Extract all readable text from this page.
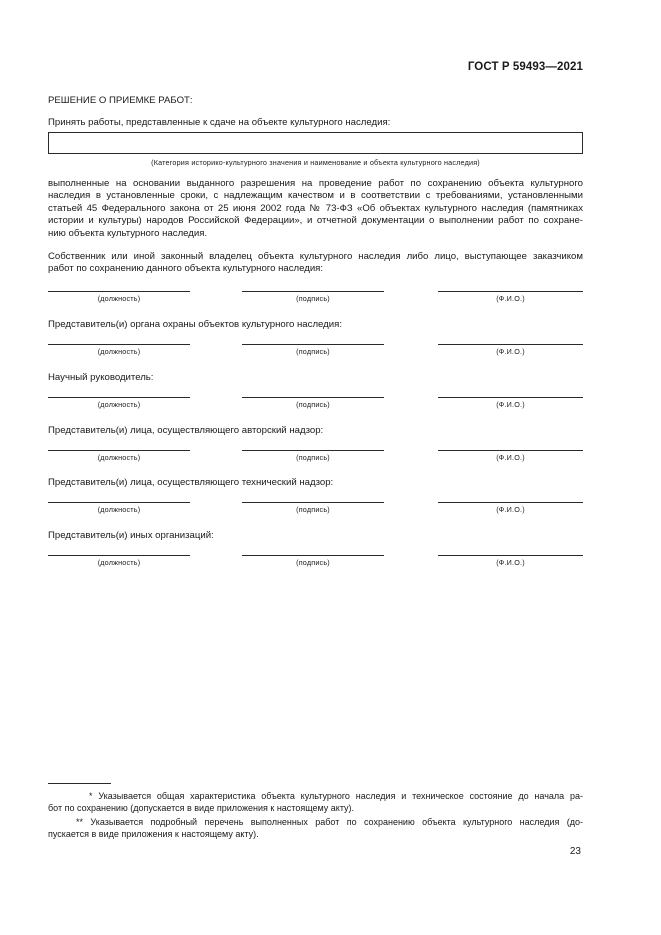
ГОСТ Р 59493—2021
РЕШЕНИЕ О ПРИЕМКЕ РАБОТ:
Принять работы, представленные к сдаче на объекте культурного наследия:
(Категория историко-культурного значения и наименование и объекта культурного наследия)
выполненные на основании выданного разрешения на проведение работ по сохранению объекта культурного
наследия в установленные сроки, с надлежащим качеством и в соответствии с требованиями, установленными
статьей 45 Федерального закона от 25 июня 2002 года № 73-ФЗ «Об объектах культурного наследия (памятниках
истории и культуры) народов Российской Федерации», и отчетной документации о выполнении работ по сохране-
нию объекта культурного наследия.
Собственник или иной законный владелец объекта культурного наследия либо лицо, выступающее заказчиком
работ по сохранению данного объекта культурного наследия:
(должность)	(подпись)	(Ф.И.О.)
Представитель(и) органа охраны объектов культурного наследия:
(должность)	(подпись)	(Ф.И.О.)
Научный руководитель:
(должность)	(подпись)	(Ф.И.О.)
Представитель(и) лица, осуществляющего авторский надзор:
(должность)	(подпись)	(Ф.И.О.)
Представитель(и) лица, осуществляющего технический надзор:
(должность)	(подпись)	(Ф.И.О.)
Представитель(и) иных организаций:
(должность)	(подпись)	(Ф.И.О.)
* Указывается общая характеристика объекта культурного наследия и техническое состояние до начала ра-
бот по сохранению (допускается в виде приложения к настоящему акту).
** Указывается подробный перечень выполненных работ по сохранению объекта культурного наследия (до-
пускается в виде приложения к настоящему акту).
23
